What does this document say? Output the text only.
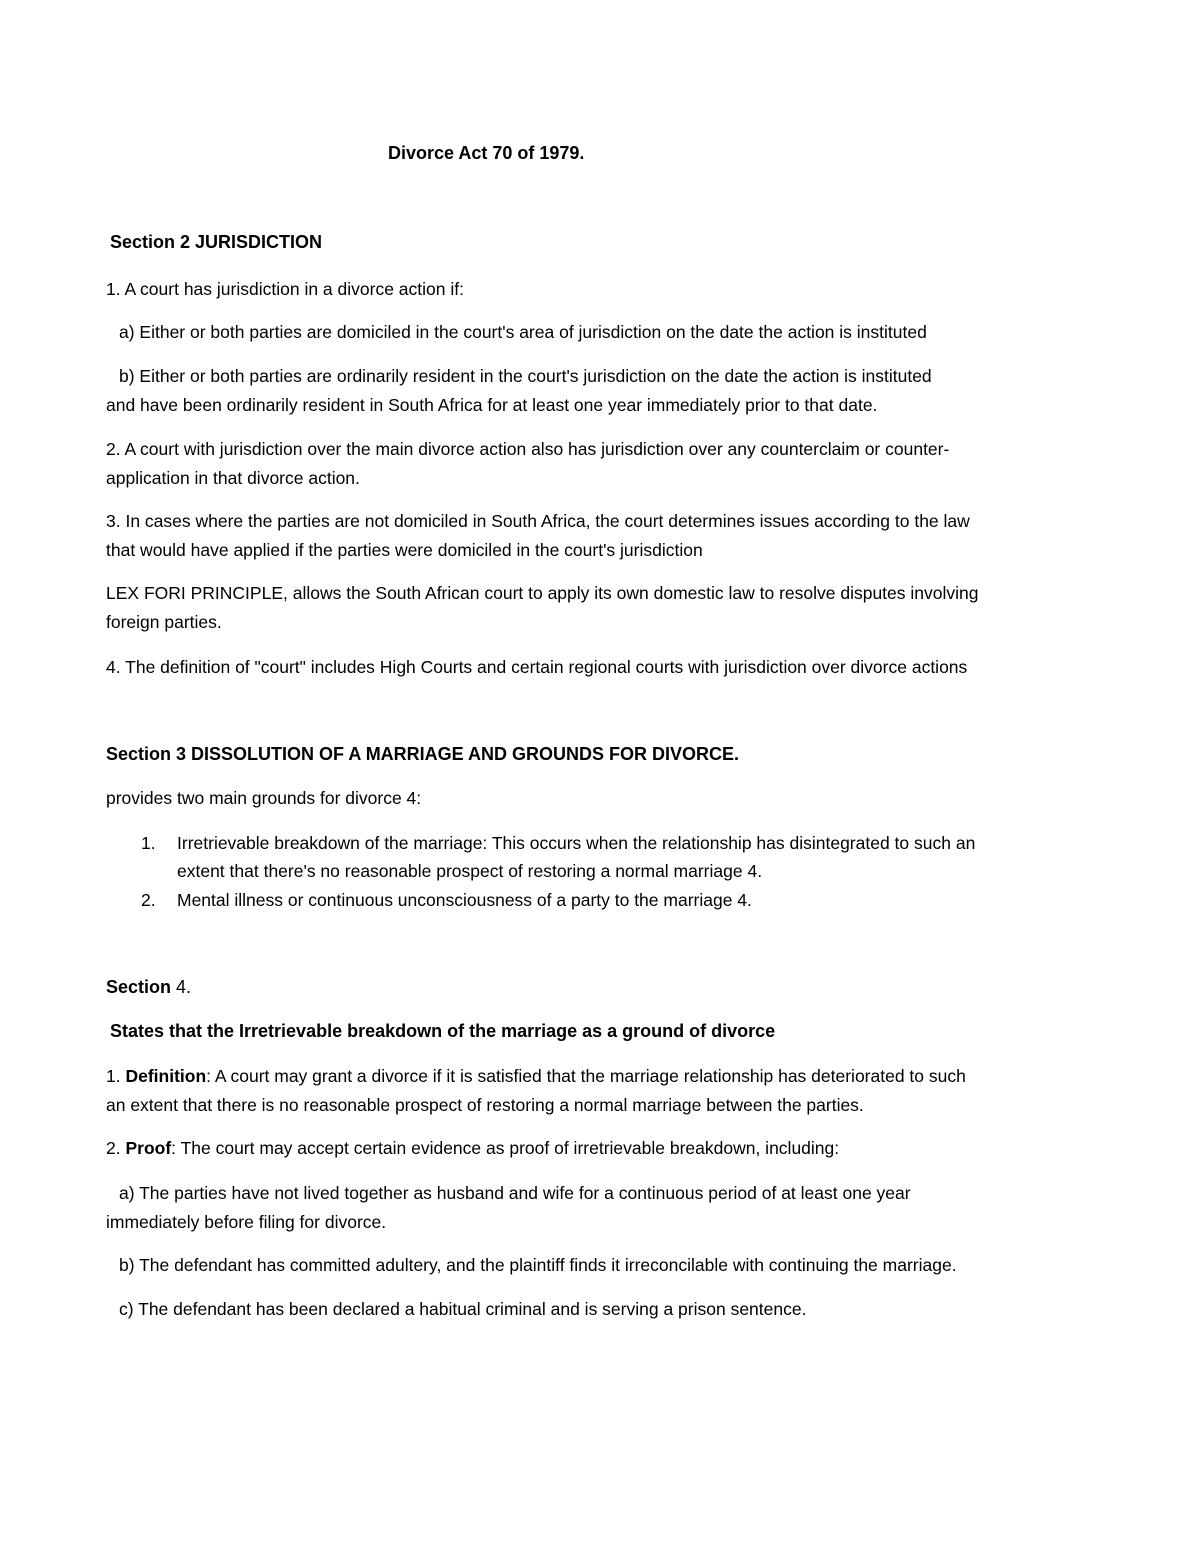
Divorce Act 70 of 1979.
Section 2 JURISDICTION
1. A court has jurisdiction in a divorce action if:
a) Either or both parties are domiciled in the court's area of jurisdiction on the date the action is instituted
b) Either or both parties are ordinarily resident in the court's jurisdiction on the date the action is instituted
and have been ordinarily resident in South Africa for at least one year immediately prior to that date.
2. A court with jurisdiction over the main divorce action also has jurisdiction over any counterclaim or counter-
application in that divorce action.
3. In cases where the parties are not domiciled in South Africa, the court determines issues according to the law
that would have applied if the parties were domiciled in the court's jurisdiction
LEX FORI PRINCIPLE, allows the South African court to apply its own domestic law to resolve disputes involving
foreign parties.
4. The definition of "court" includes High Courts and certain regional courts with jurisdiction over divorce actions
Section 3 DISSOLUTION OF A MARRIAGE AND GROUNDS FOR DIVORCE.
provides two main grounds for divorce 4:
1. Irretrievable breakdown of the marriage: This occurs when the relationship has disintegrated to such an
extent that there's no reasonable prospect of restoring a normal marriage 4.
2. Mental illness or continuous unconsciousness of a party to the marriage 4.
Section 4.
States that the Irretrievable breakdown of the marriage as a ground of divorce
1. Definition: A court may grant a divorce if it is satisfied that the marriage relationship has deteriorated to such
an extent that there is no reasonable prospect of restoring a normal marriage between the parties.
2. Proof: The court may accept certain evidence as proof of irretrievable breakdown, including:
a) The parties have not lived together as husband and wife for a continuous period of at least one year
immediately before filing for divorce.
b) The defendant has committed adultery, and the plaintiff finds it irreconcilable with continuing the marriage.
c) The defendant has been declared a habitual criminal and is serving a prison sentence.
